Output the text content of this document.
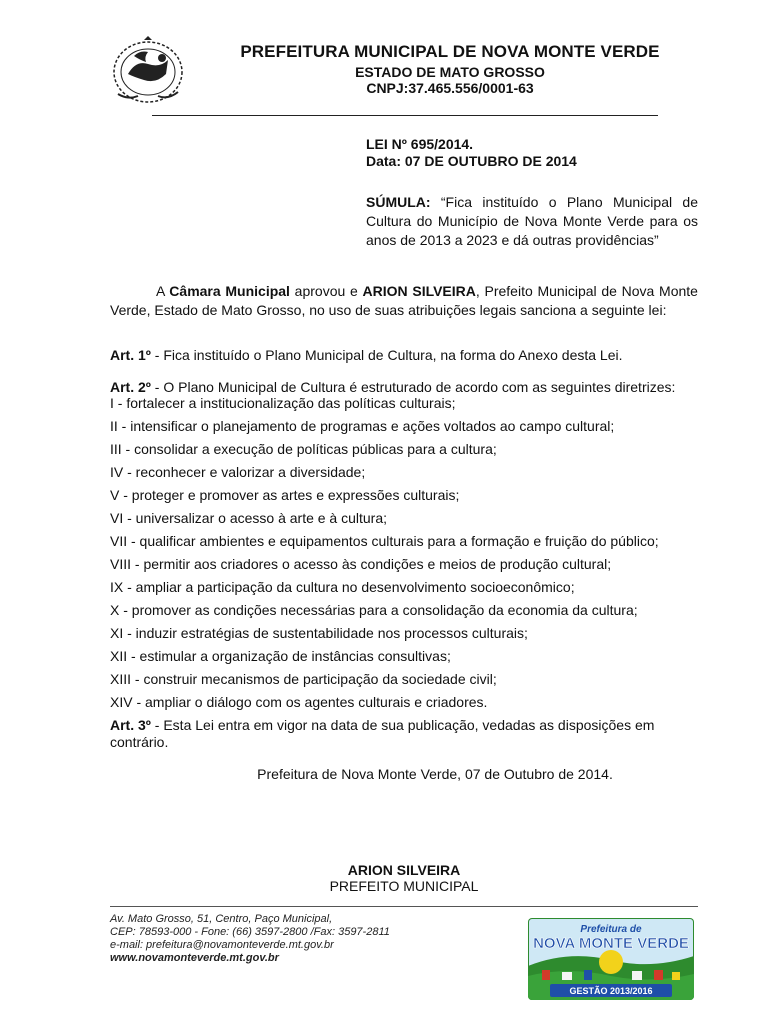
PREFEITURA MUNICIPAL DE NOVA MONTE VERDE
ESTADO DE MATO GROSSO
CNPJ:37.465.556/0001-63
LEI Nº 695/2014.
Data: 07 DE OUTUBRO DE 2014
SÚMULA: “Fica instituído o Plano Municipal de Cultura do Município de Nova Monte Verde para os anos de 2013 a 2023 e dá outras providências”
A Câmara Municipal aprovou e ARION SILVEIRA, Prefeito Municipal de Nova Monte Verde, Estado de Mato Grosso, no uso de suas atribuições legais sanciona a seguinte lei:
Art. 1º - Fica instituído o Plano Municipal de Cultura, na forma do Anexo desta Lei.
Art. 2º - O Plano Municipal de Cultura é estruturado de acordo com as seguintes diretrizes:
I - fortalecer a institucionalização das políticas culturais;
II - intensificar o planejamento de programas e ações voltados ao campo cultural;
III - consolidar a execução de políticas públicas para a cultura;
IV - reconhecer e valorizar a diversidade;
V - proteger e promover as artes e expressões culturais;
VI - universalizar o acesso à arte e à cultura;
VII - qualificar ambientes e equipamentos culturais para a formação e fruição do público;
VIII - permitir aos criadores o acesso às condições e meios de produção cultural;
IX - ampliar a participação da cultura no desenvolvimento socioeconômico;
X - promover as condições necessárias para a consolidação da economia da cultura;
XI - induzir estratégias de sustentabilidade nos processos culturais;
XII - estimular a organização de instâncias consultivas;
XIII - construir mecanismos de participação da sociedade civil;
XIV - ampliar o diálogo com os agentes culturais e criadores.
Art. 3º - Esta Lei entra em vigor na data de sua publicação, vedadas as disposições em
contrário.
Prefeitura de Nova Monte Verde, 07 de Outubro de 2014.
ARION SILVEIRA
PREFEITO MUNICIPAL
Av. Mato Grosso, 51, Centro, Paço Municipal,
CEP: 78593-000 - Fone: (66) 3597-2800 /Fax: 3597-2811
e-mail: prefeitura@novamonteverde.mt.gov.br
www.novamonteverde.mt.gov.br
Prefeitura de
NOVA MONTE VERDE
GESTÃO 2013/2016
